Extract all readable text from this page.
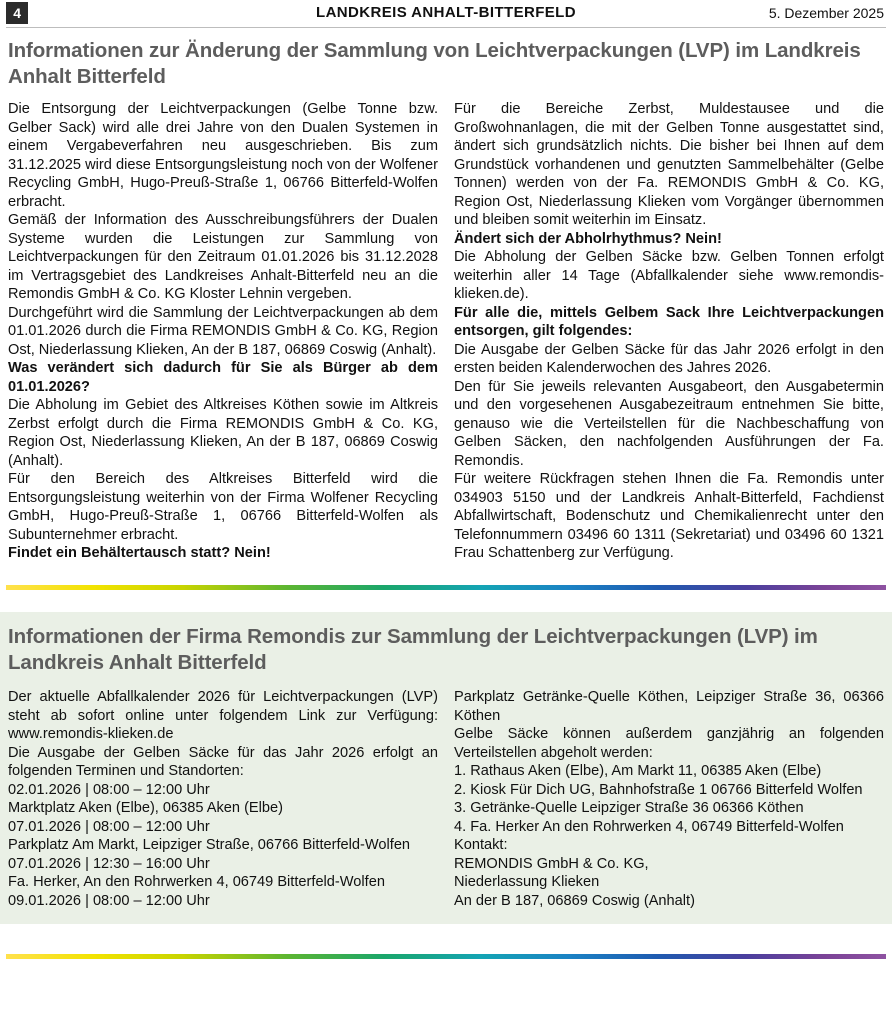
4	LANDKREIS ANHALT-BITTERFELD	5. Dezember 2025
Informationen zur Änderung der Sammlung von Leichtverpackungen (LVP) im Landkreis Anhalt Bitterfeld

Die Entsorgung der Leichtverpackungen (Gelbe Tonne bzw. Gelber Sack) wird alle drei Jahre von den Dualen Systemen in einem Vergabeverfahren neu ausgeschrieben. Bis zum 31.12.2025 wird diese Entsorgungsleistung noch von der Wolfener Recycling GmbH, Hugo-Preuß-Straße 1, 06766 Bitterfeld-Wolfen erbracht.

Gemäß der Information des Ausschreibungsführers der Dualen Systeme wurden die Leistungen zur Sammlung von Leichtverpackungen für den Zeitraum 01.01.2026 bis 31.12.2028 im Vertragsgebiet des Landkreises Anhalt-Bitterfeld neu an die Remondis GmbH & Co. KG Kloster Lehnin vergeben.

Durchgeführt wird die Sammlung der Leichtverpackungen ab dem 01.01.2026 durch die Firma REMONDIS GmbH & Co. KG, Region Ost, Niederlassung Klieken, An der B 187, 06869 Coswig (Anhalt).

Was verändert sich dadurch für Sie als Bürger ab dem 01.01.2026?

Die Abholung im Gebiet des Altkreises Köthen sowie im Altkreis Zerbst erfolgt durch die Firma REMONDIS GmbH & Co. KG, Region Ost, Niederlassung Klieken, An der B 187, 06869 Coswig (Anhalt).

Für den Bereich des Altkreises Bitterfeld wird die Entsorgungsleistung weiterhin von der Firma Wolfener Recycling GmbH, Hugo-Preuß-Straße 1, 06766 Bitterfeld-Wolfen als Subunternehmer erbracht.

Findet ein Behältertausch statt? Nein!

Für die Bereiche Zerbst, Muldestausee und die Großwohnanlagen, die mit der Gelben Tonne ausgestattet sind, ändert sich grundsätzlich nichts. Die bisher bei Ihnen auf dem Grundstück vorhandenen und genutzten Sammelbehälter (Gelbe Tonnen) werden von der Fa. REMONDIS GmbH & Co. KG, Region Ost, Niederlassung Klieken vom Vorgänger übernommen und bleiben somit weiterhin im Einsatz.

Ändert sich der Abholrhythmus? Nein!

Die Abholung der Gelben Säcke bzw. Gelben Tonnen erfolgt weiterhin aller 14 Tage (Abfallkalender siehe www.remondis-klieken.de).

Für alle die, mittels Gelbem Sack Ihre Leichtverpackungen entsorgen, gilt folgendes:

Die Ausgabe der Gelben Säcke für das Jahr 2026 erfolgt in den ersten beiden Kalenderwochen des Jahres 2026.

Den für Sie jeweils relevanten Ausgabeort, den Ausgabetermin und den vorgesehenen Ausgabezeitraum entnehmen Sie bitte, genauso wie die Verteilstellen für die Nachbeschaffung von Gelben Säcken, den nachfolgenden Ausführungen der Fa. Remondis.

Für weitere Rückfragen stehen Ihnen die Fa. Remondis unter 034903 5150 und der Landkreis Anhalt-Bitterfeld, Fachdienst Abfallwirtschaft, Bodenschutz und Chemikalienrecht unter den Telefonnummern 03496 60 1311 (Sekretariat) und 03496 60 1321 Frau Schattenberg zur Verfügung.

Informationen der Firma Remondis zur Sammlung der Leichtverpackungen (LVP) im Landkreis Anhalt Bitterfeld

Der aktuelle Abfallkalender 2026 für Leichtverpackungen (LVP) steht ab sofort online unter folgendem Link zur Verfügung: www.remondis-klieken.de

Die Ausgabe der Gelben Säcke für das Jahr 2026 erfolgt an folgenden Terminen und Standorten:

02.01.2026 | 08:00 – 12:00 Uhr

Marktplatz Aken (Elbe), 06385 Aken (Elbe)

07.01.2026 | 08:00 – 12:00 Uhr

Parkplatz Am Markt, Leipziger Straße, 06766 Bitterfeld-Wolfen

07.01.2026 | 12:30 – 16:00 Uhr

Fa. Herker, An den Rohrwerken 4, 06749 Bitterfeld-Wolfen

09.01.2026 | 08:00 – 12:00 Uhr

Parkplatz Getränke-Quelle Köthen, Leipziger Straße 36, 06366 Köthen

Gelbe Säcke können außerdem ganzjährig an folgenden Verteilstellen abgeholt werden:

1. Rathaus Aken (Elbe), Am Markt 11, 06385 Aken (Elbe)

2. Kiosk Für Dich UG, Bahnhofstraße 1 06766 Bitterfeld Wolfen

3. Getränke-Quelle Leipziger Straße 36 06366 Köthen

4. Fa. Herker An den Rohrwerken 4, 06749 Bitterfeld-Wolfen

Kontakt:

REMONDIS GmbH & Co. KG,

Niederlassung Klieken

An der B 187, 06869 Coswig (Anhalt)
